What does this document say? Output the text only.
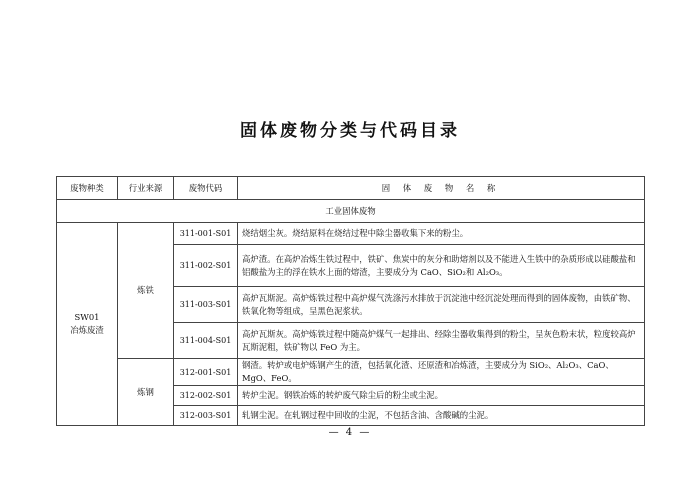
固体废物分类与代码目录
废物种类	行业来源	废物代码	固 体 废 物 名 称
工业固体废物			

SW01
冶炼废渣	炼铁	311-001-S01	烧结烟尘灰。烧结原料在烧结过程中除尘器收集下来的粉尘。
		311-002-S01	高炉渣。在高炉冶炼生铁过程中，铁矿、焦炭中的灰分和助熔剂以及不能进入生铁中的杂质形成以硅酸盐和铝酸盐为主的浮在铁水上面的熔渣，主要成分为 CaO、SiO₂和 Al₂O₃。
		311-003-S01	高炉瓦斯泥。高炉炼铁过程中高炉煤气洗涤污水排放于沉淀池中经沉淀处理而得到的固体废物，由铁矿物、铁氧化物等组成，呈黑色泥浆状。
		311-004-S01	高炉瓦斯灰。高炉炼铁过程中随高炉煤气一起排出、经除尘器收集得到的粉尘，呈灰色粉末状，粒度较高炉瓦斯泥粗，铁矿物以 FeO 为主。
	炼钢	312-001-S01	钢渣。转炉或电炉炼钢产生的渣，包括氧化渣、还原渣和冶炼渣，主要成分为 SiO₂、Al₂O₃、CaO、MgO、FeO。
		312-002-S01	转炉尘泥。钢铁冶炼的转炉废气除尘后的粉尘或尘泥。
		312-003-S01	轧钢尘泥。在轧钢过程中回收的尘泥，不包括含油、含酸碱的尘泥。
— 4 —
